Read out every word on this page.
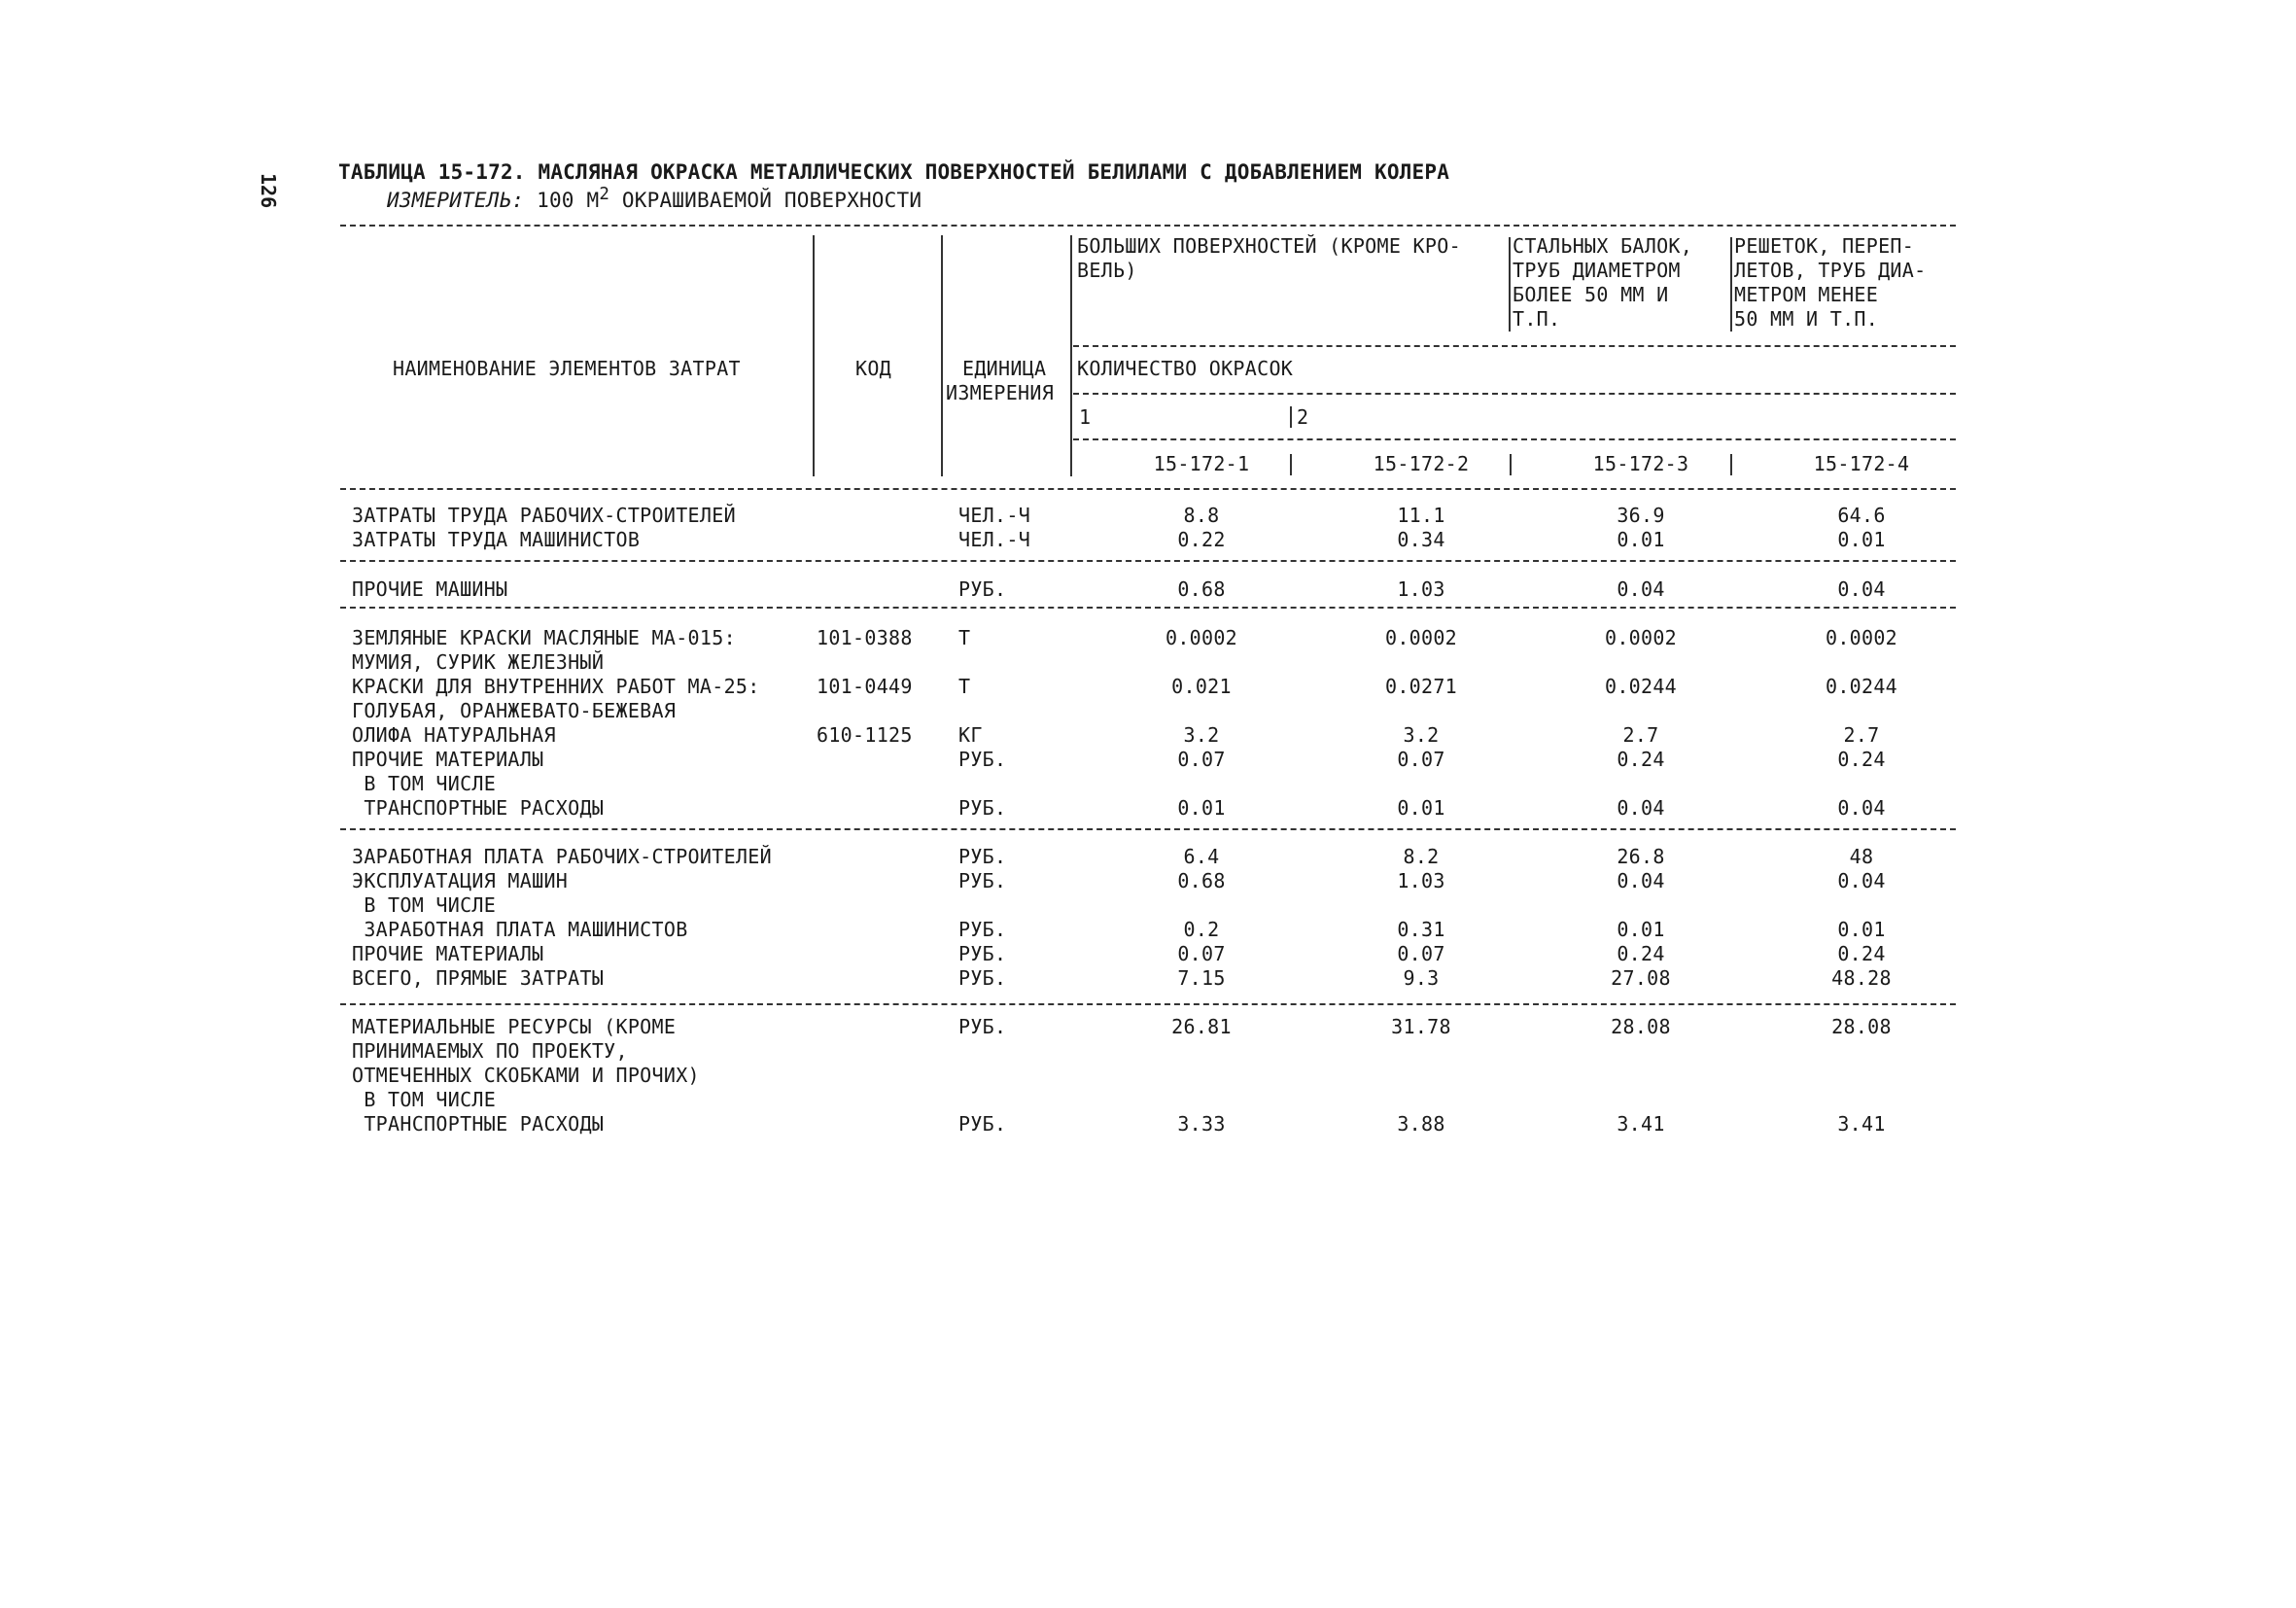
126
ТАБЛИЦА 15-172. МАСЛЯНАЯ ОКРАСКА МЕТАЛЛИЧЕСКИХ ПОВЕРХНОСТЕЙ БЕЛИЛАМИ С ДОБАВЛЕНИЕМ КОЛЕРА
ИЗМЕРИТЕЛЬ: 100 $М^2$ ОКРАШИВАЕМОЙ ПОВЕРХНОСТИ
НАИМЕНОВАНИЕ ЭЛЕМЕНТОВ ЗАТРАТ	КОД	ЕДИНИЦА
ИЗМЕРЕНИЯ
БОЛЬШИХ ПОВЕРХНОСТЕЙ (КРОМЕ КРО-
ВЕЛЬ)
СТАЛЬНЫХ БАЛОК,
ТРУБ ДИАМЕТРОМ
БОЛЕЕ 50 ММ И
Т.П.
РЕШЕТОК, ПЕРЕП-
ЛЕТОВ, ТРУБ ДИА-
МЕТРОМ МЕНЕЕ
50 ММ И Т.П.
КОЛИЧЕСТВО ОКРАСОК
1	2
15-172-1	15-172-2	15-172-3	15-172-4
ЗАТРАТЫ ТРУДА РАБОЧИХ-СТРОИТЕЛЕЙ	ЧЕЛ.-Ч	8.8	11.1	36.9	64.6
ЗАТРАТЫ ТРУДА МАШИНИСТОВ	ЧЕЛ.-Ч	0.22	0.34	0.01	0.01
ПРОЧИЕ МАШИНЫ	РУБ.	0.68	1.03	0.04	0.04
ЗЕМЛЯНЫЕ КРАСКИ МАСЛЯНЫЕ МА-015:	101-0388 Т	0.0002	0.0002	0.0002	0.0002
МУМИЯ, СУРИК ЖЕЛЕЗНЫЙ
КРАСКИ ДЛЯ ВНУТРЕННИХ РАБОТ МА-25:	101-0449 Т	0.021	0.0271	0.0244	0.0244
ГОЛУБАЯ, ОРАНЖЕВАТО-БЕЖЕВАЯ
ОЛИФА НАТУРАЛЬНАЯ	610-1125 КГ	3.2	3.2	2.7	2.7
ПРОЧИЕ МАТЕРИАЛЫ	РУБ.	0.07	0.07	0.24	0.24
В ТОМ ЧИСЛЕ
ТРАНСПОРТНЫЕ РАСХОДЫ	РУБ.	0.01	0.01	0.04	0.04
ЗАРАБОТНАЯ ПЛАТА РАБОЧИХ-СТРОИТЕЛЕЙ	РУБ.	6.4	8.2	26.8	48
ЭКСПЛУАТАЦИЯ МАШИН	РУБ.	0.68	1.03	0.04	0.04
В ТОМ ЧИСЛЕ
ЗАРАБОТНАЯ ПЛАТА МАШИНИСТОВ	РУБ.	0.2	0.31	0.01	0.01
ПРОЧИЕ МАТЕРИАЛЫ	РУБ.	0.07	0.07	0.24	0.24
ВСЕГО, ПРЯМЫЕ ЗАТРАТЫ	РУБ.	7.15	9.3	27.08	48.28
МАТЕРИАЛЬНЫЕ РЕСУРСЫ (КРОМЕ	РУБ.	26.81	31.78	28.08	28.08
ПРИНИМАЕМЫХ ПО ПРОЕКТУ,
ОТМЕЧЕННЫХ СКОБКАМИ И ПРОЧИХ)
В ТОМ ЧИСЛЕ
ТРАНСПОРТНЫЕ РАСХОДЫ	РУБ.	3.33	3.88	3.41	3.41
